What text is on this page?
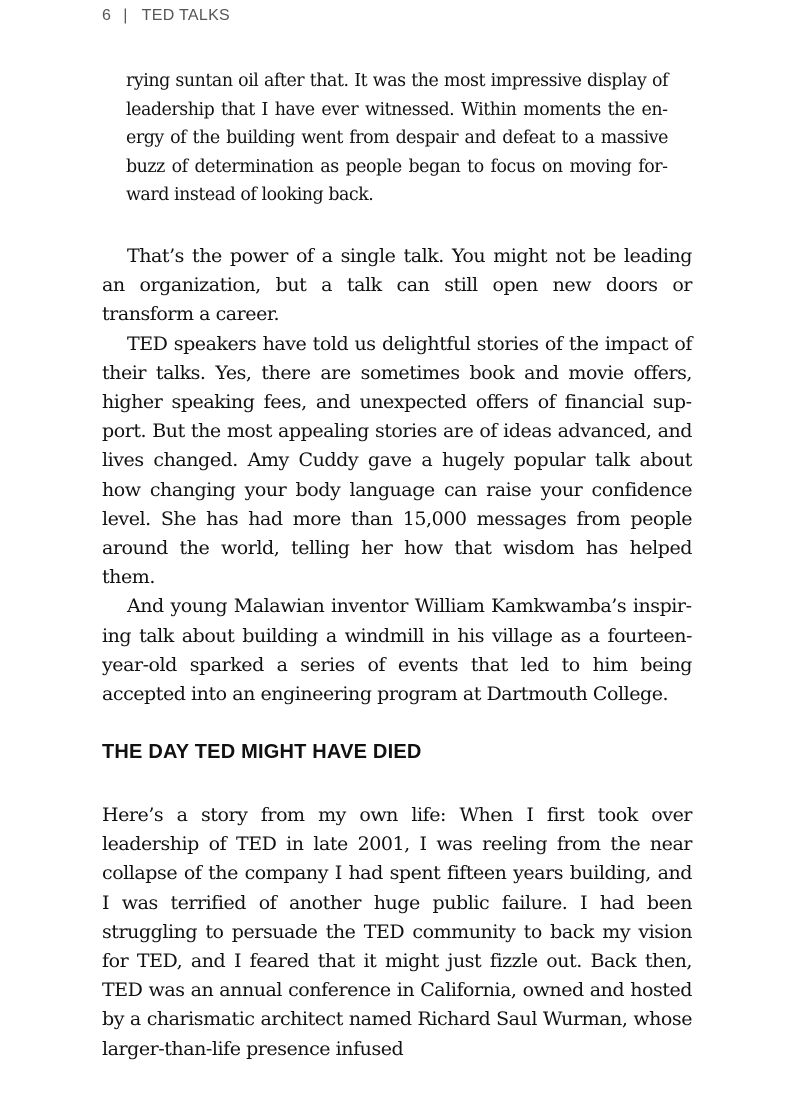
6 | TED TALKS

rying suntan oil after that. It was the most impressive display of leadership that I have ever witnessed. Within moments the energy of the building went from despair and defeat to a massive buzz of determination as people began to focus on moving forward instead of looking back.

That’s the power of a single talk. You might not be leading an organization, but a talk can still open new doors or transform a career.

TED speakers have told us delightful stories of the impact of their talks. Yes, there are sometimes book and movie offers, higher speaking fees, and unexpected offers of financial support. But the most appealing stories are of ideas advanced, and lives changed. Amy Cuddy gave a hugely popular talk about how changing your body language can raise your confidence level. She has had more than 15,000 messages from people around the world, telling her how that wisdom has helped them.

And young Malawian inventor William Kamkwamba’s inspiring talk about building a windmill in his village as a fourteen-year-old sparked a series of events that led to him being accepted into an engineering program at Dartmouth College.

THE DAY TED MIGHT HAVE DIED

Here’s a story from my own life: When I first took over leadership of TED in late 2001, I was reeling from the near collapse of the company I had spent fifteen years building, and I was terrified of another huge public failure. I had been struggling to persuade the TED community to back my vision for TED, and I feared that it might just fizzle out. Back then, TED was an annual conference in California, owned and hosted by a charismatic architect named Richard Saul Wurman, whose larger-than-life presence infused
